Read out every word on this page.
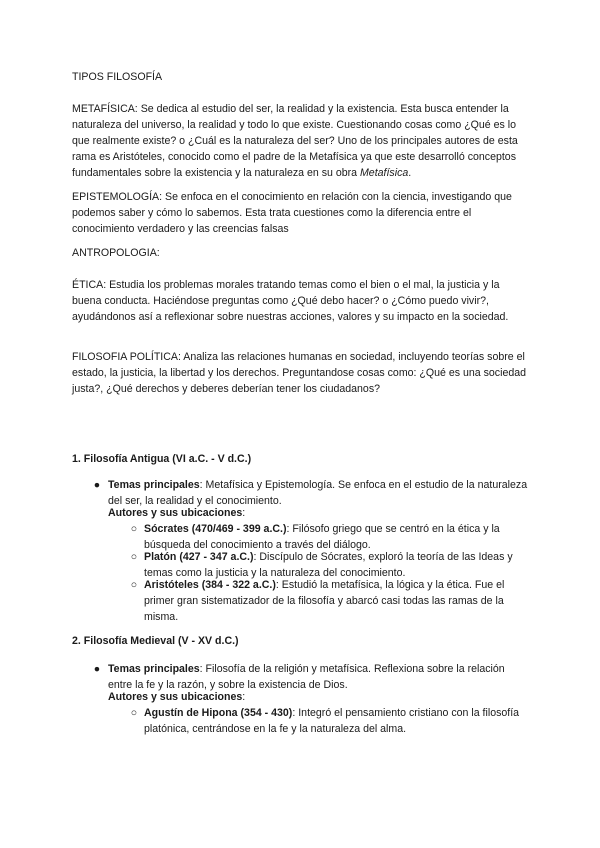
TIPOS FILOSOFÍA

METAFÍSICA: Se dedica al estudio del ser, la realidad y la existencia. Esta busca entender la naturaleza del universo, la realidad y todo lo que existe. Cuestionando cosas como ¿Qué es lo que realmente existe? o ¿Cuál es la naturaleza del ser? Uno de los principales autores de esta rama es Aristóteles, conocido como el padre de la Metafísica ya que este desarrolló conceptos fundamentales sobre la existencia y la naturaleza en su obra Metafísica.

EPISTEMOLOGÍA: Se enfoca en el conocimiento en relación con la ciencia, investigando que podemos saber y cómo lo sabemos. Esta trata cuestiones como la diferencia entre el conocimiento verdadero y las creencias falsas

ANTROPOLOGIA:

ÉTICA: Estudia los problemas morales tratando temas como el bien o el mal, la justicia y la buena conducta. Haciéndose preguntas como ¿Qué debo hacer? o ¿Cómo puedo vivir?, ayudándonos así a reflexionar sobre nuestras acciones, valores y su impacto en la sociedad.

FILOSOFIA POLÍTICA: Analiza las relaciones humanas en sociedad, incluyendo teorías sobre el estado, la justicia, la libertad y los derechos. Preguntandose cosas como: ¿Qué es una sociedad justa?, ¿Qué derechos y deberes deberían tener los ciudadanos?

1. Filosofía Antigua (VI a.C. - V d.C.)

● Temas principales: Metafísica y Epistemología. Se enfoca en el estudio de la naturaleza del ser, la realidad y el conocimiento.
Autores y sus ubicaciones:
○ Sócrates (470/469 - 399 a.C.): Filósofo griego que se centró en la ética y la búsqueda del conocimiento a través del diálogo.
○ Platón (427 - 347 a.C.): Discípulo de Sócrates, exploró la teoría de las Ideas y temas como la justicia y la naturaleza del conocimiento.
○ Aristóteles (384 - 322 a.C.): Estudió la metafísica, la lógica y la ética. Fue el primer gran sistematizador de la filosofía y abarcó casi todas las ramas de la misma.

2. Filosofía Medieval (V - XV d.C.)

● Temas principales: Filosofía de la religión y metafísica. Reflexiona sobre la relación entre la fe y la razón, y sobre la existencia de Dios.
Autores y sus ubicaciones:
○ Agustín de Hipona (354 - 430): Integró el pensamiento cristiano con la filosofía platónica, centrándose en la fe y la naturaleza del alma.
